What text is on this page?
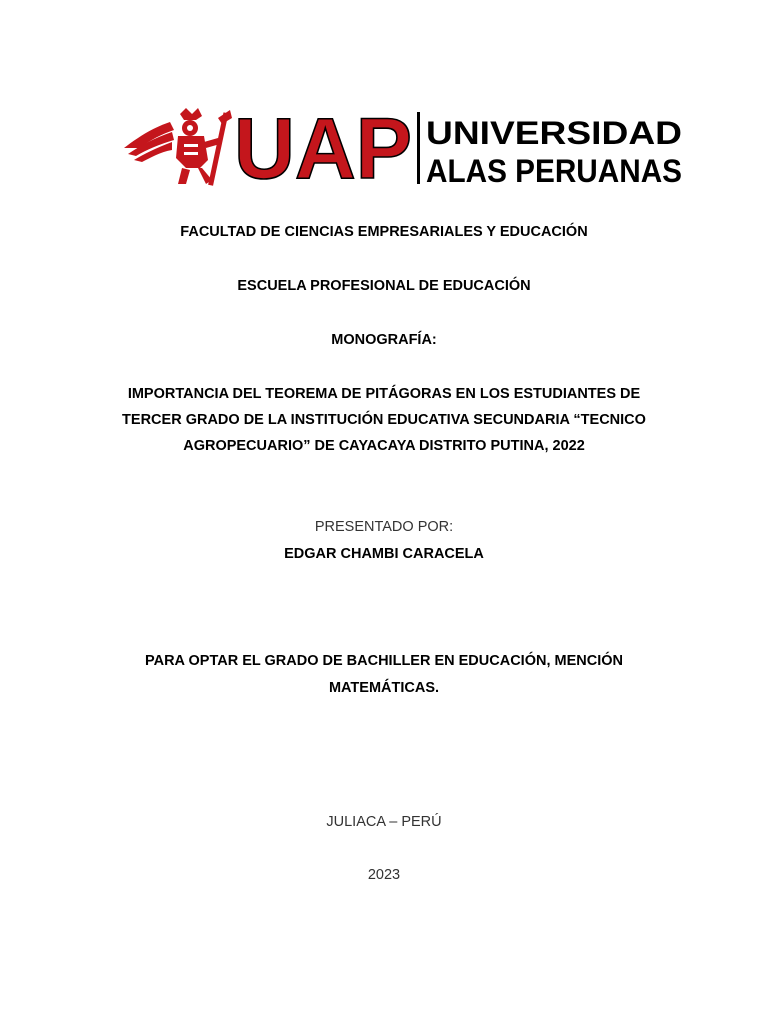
UAP UNIVERSIDAD
ALAS PERUANAS
FACULTAD DE CIENCIAS EMPRESARIALES Y EDUCACIÓN
ESCUELA PROFESIONAL DE EDUCACIÓN
MONOGRAFÍA:
IMPORTANCIA DEL TEOREMA DE PITÁGORAS EN LOS ESTUDIANTES DE
TERCER GRADO DE LA INSTITUCIÓN EDUCATIVA SECUNDARIA “TECNICO
AGROPECUARIO” DE CAYACAYA DISTRITO PUTINA, 2022
PRESENTADO POR:
EDGAR CHAMBI CARACELA
PARA OPTAR EL GRADO DE BACHILLER EN EDUCACIÓN, MENCIÓN
MATEMÁTICAS.
JULIACA – PERÚ
2023
